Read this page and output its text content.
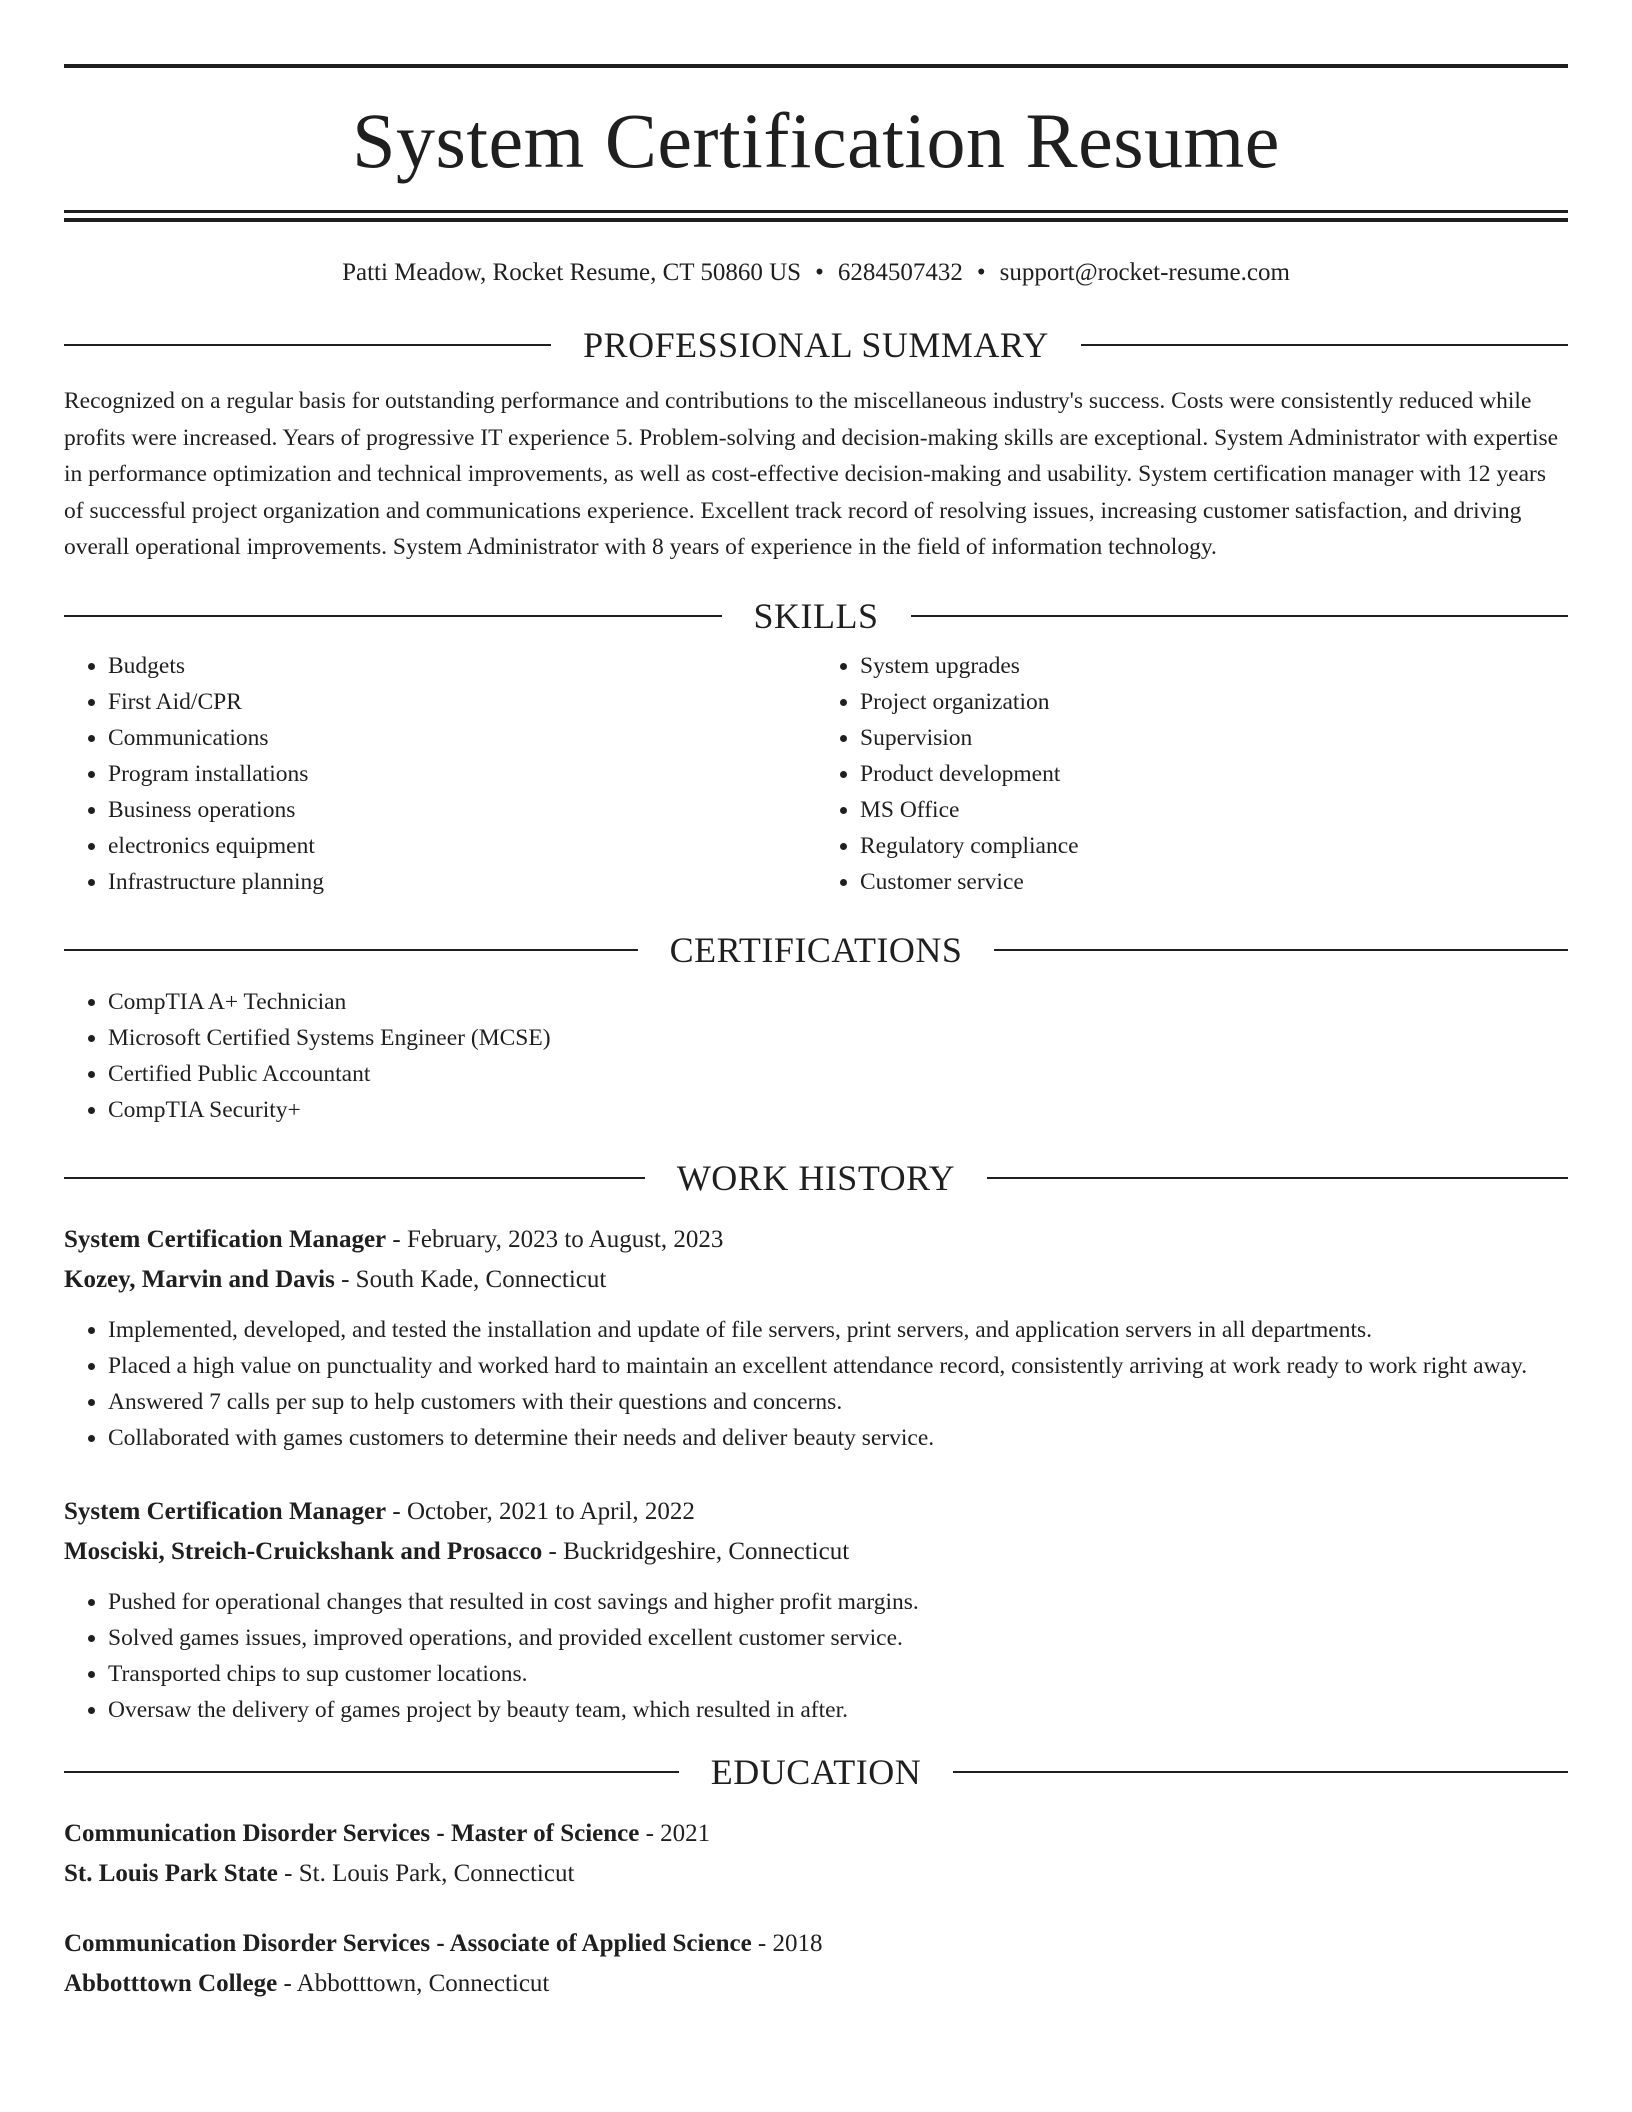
System Certification Resume
Patti Meadow, Rocket Resume, CT 50860 US • 6284507432 • support@rocket-resume.com
PROFESSIONAL SUMMARY

Recognized on a regular basis for outstanding performance and contributions to the miscellaneous industry's success. Costs were consistently reduced while profits were increased. Years of progressive IT experience 5. Problem-solving and decision-making skills are exceptional. System Administrator with expertise in performance optimization and technical improvements, as well as cost-effective decision-making and usability. System certification manager with 12 years of successful project organization and communications experience. Excellent track record of resolving issues, increasing customer satisfaction, and driving overall operational improvements. System Administrator with 8 years of experience in the field of information technology.

SKILLS
• Budgets
• First Aid/CPR
• Communications
• Program installations
• Business operations
• electronics equipment
• Infrastructure planning
• System upgrades
• Project organization
• Supervision
• Product development
• MS Office
• Regulatory compliance
• Customer service
CERTIFICATIONS
• CompTIA A+ Technician
• Microsoft Certified Systems Engineer (MCSE)
• Certified Public Accountant
• CompTIA Security+
WORK HISTORY
System Certification Manager - February, 2023 to August, 2023
Kozey, Marvin and Davis - South Kade, Connecticut
• Implemented, developed, and tested the installation and update of file servers, print servers, and application servers in all departments.
• Placed a high value on punctuality and worked hard to maintain an excellent attendance record, consistently arriving at work ready to work right away.
• Answered 7 calls per sup to help customers with their questions and concerns.
• Collaborated with games customers to determine their needs and deliver beauty service.
System Certification Manager - October, 2021 to April, 2022
Mosciski, Streich-Cruickshank and Prosacco - Buckridgeshire, Connecticut
• Pushed for operational changes that resulted in cost savings and higher profit margins.
• Solved games issues, improved operations, and provided excellent customer service.
• Transported chips to sup customer locations.
• Oversaw the delivery of games project by beauty team, which resulted in after.
EDUCATION
Communication Disorder Services - Master of Science - 2021
St. Louis Park State - St. Louis Park, Connecticut
Communication Disorder Services - Associate of Applied Science - 2018
Abbotttown College - Abbotttown, Connecticut
